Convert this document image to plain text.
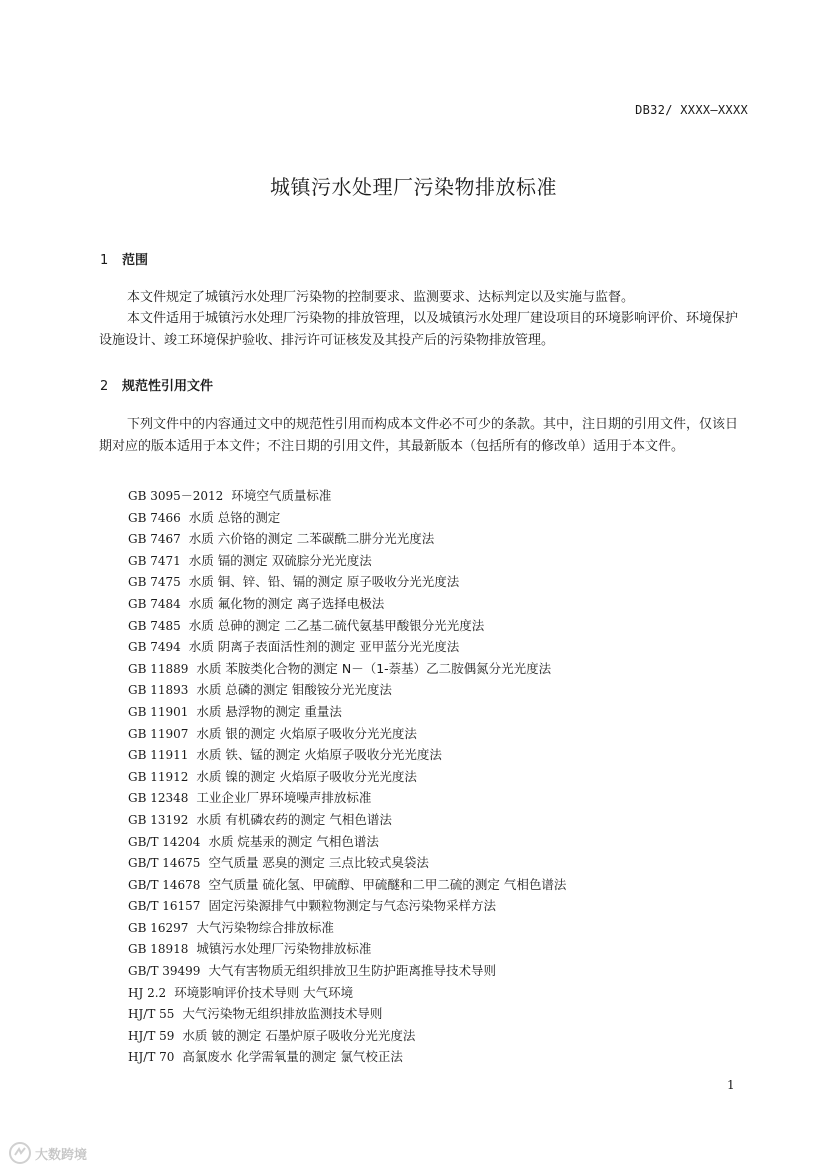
DB32/ XXXX—XXXX
城镇污水处理厂污染物排放标准
1 范围

本文件规定了城镇污水处理厂污染物的控制要求、监测要求、达标判定以及实施与监督。

本文件适用于城镇污水处理厂污染物的排放管理，以及城镇污水处理厂建设项目的环境影响评价、环境保护设施设计、竣工环境保护验收、排污许可证核发及其投产后的污染物排放管理。

2 规范性引用文件

下列文件中的内容通过文中的规范性引用而构成本文件必不可少的条款。其中，注日期的引用文件，仅该日期对应的版本适用于本文件；不注日期的引用文件，其最新版本（包括所有的修改单）适用于本文件。

GB 3095－2012 环境空气质量标准
GB 7466 水质 总铬的测定
GB 7467 水质 六价铬的测定 二苯碳酰二肼分光光度法
GB 7471 水质 镉的测定 双硫腙分光光度法
GB 7475 水质 铜、锌、铅、镉的测定 原子吸收分光光度法
GB 7484 水质 氟化物的测定 离子选择电极法
GB 7485 水质 总砷的测定 二乙基二硫代氨基甲酸银分光光度法
GB 7494 水质 阴离子表面活性剂的测定 亚甲蓝分光光度法
GB 11889 水质 苯胺类化合物的测定 N－（1-萘基）乙二胺偶氮分光光度法
GB 11893 水质 总磷的测定 钼酸铵分光光度法
GB 11901 水质 悬浮物的测定 重量法
GB 11907 水质 银的测定 火焰原子吸收分光光度法
GB 11911 水质 铁、锰的测定 火焰原子吸收分光光度法
GB 11912 水质 镍的测定 火焰原子吸收分光光度法
GB 12348 工业企业厂界环境噪声排放标准
GB 13192 水质 有机磷农药的测定 气相色谱法
GB/T 14204 水质 烷基汞的测定 气相色谱法
GB/T 14675 空气质量 恶臭的测定 三点比较式臭袋法
GB/T 14678 空气质量 硫化氢、甲硫醇、甲硫醚和二甲二硫的测定 气相色谱法
GB/T 16157 固定污染源排气中颗粒物测定与气态污染物采样方法
GB 16297 大气污染物综合排放标准
GB 18918 城镇污水处理厂污染物排放标准
GB/T 39499 大气有害物质无组织排放卫生防护距离推导技术导则
HJ 2.2 环境影响评价技术导则 大气环境
HJ/T 55 大气污染物无组织排放监测技术导则
HJ/T 59 水质 铍的测定 石墨炉原子吸收分光光度法
HJ/T 70 高氯废水 化学需氧量的测定 氯气校正法
1
大数跨境
